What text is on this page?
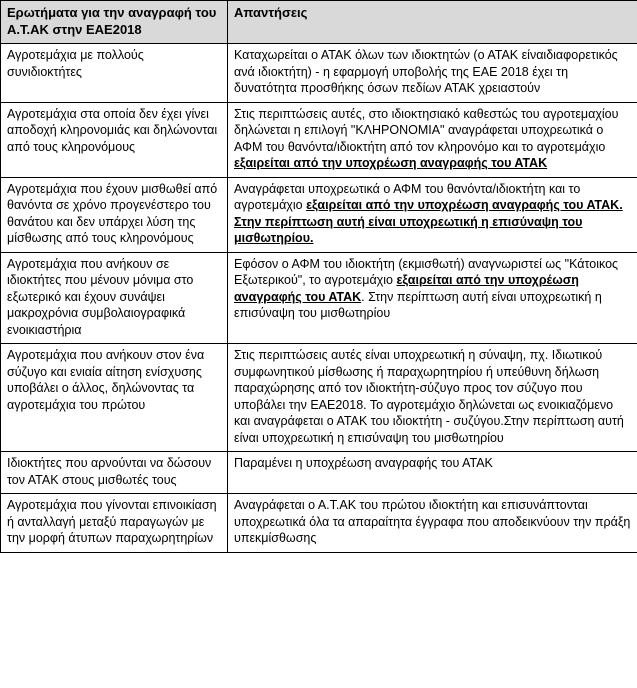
Ερωτήματα για την αναγραφή του Α.Τ.ΑΚ στην ΕΑΕ2018	Απαντήσεις
Αγροτεμάχια με πολλούς συνιδιοκτήτες	Καταχωρείται ο ΑΤΑΚ όλων των ιδιοκτητών (ο ΑΤΑΚ είναιδιαφορετικός ανά ιδιοκτήτη) - η εφαρμογή υποβολής της ΕΑΕ 2018 έχει τη δυνατότητα προσθήκης όσων πεδίων ΑΤΑΚ χρειαστούν
Αγροτεμάχια στα οποία δεν έχει γίνει αποδοχή κληρονομιάς και δηλώνονται από τους κληρονόμους	Στις περιπτώσεις αυτές, στο ιδιοκτησιακό καθεστώς του αγροτεμαχίου δηλώνεται η επιλογή "ΚΛΗΡΟΝΟΜΙΑ" αναγράφεται υποχρεωτικά ο ΑΦΜ του θανόντα/ιδιοκτήτη από τον κληρονόμο και το αγροτεμάχιο εξαιρείται από την υποχρέωση αναγραφής του ΑΤΑΚ
Αγροτεμάχια που έχουν μισθωθεί από θανόντα σε χρόνο προγενέστερο του θανάτου και δεν υπάρχει λύση της μίσθωσης από τους κληρονόμους	Αναγράφεται υποχρεωτικά ο ΑΦΜ του θανόντα/ιδιοκτήτη και το αγροτεμάχιο εξαιρείται από την υποχρέωση αναγραφής του ΑΤΑΚ. Στην περίπτωση αυτή είναι υποχρεωτική η επισύναψη του μισθωτηρίου.
Αγροτεμάχια που ανήκουν σε ιδιοκτήτες που μένουν μόνιμα στο εξωτερικό και έχουν συνάψει μακροχρόνια συμβολαιογραφικά ενοικιαστήρια	Εφόσον ο ΑΦΜ του ιδιοκτήτη (εκμισθωτή) αναγνωριστεί ως "Κάτοικος Εξωτερικού", το αγροτεμάχιο εξαιρείται από την υποχρέωση αναγραφής του ΑΤΑΚ. Στην περίπτωση αυτή είναι υποχρεωτική η επισύναψη του μισθωτηρίου
Αγροτεμάχια που ανήκουν στον ένα σύζυγο και ενιαία αίτηση ενίσχυσης υποβάλει ο άλλος, δηλώνοντας τα αγροτεμάχια του πρώτου	Στις περιπτώσεις αυτές είναι υποχρεωτική η σύναψη, πχ. Ιδιωτικού συμφωνητικού μίσθωσης ή παραχωρητηρίου ή υπεύθυνη δήλωση παραχώρησης από τον ιδιοκτήτη-σύζυγο προς τον σύζυγο που υποβάλει την ΕΑΕ2018. Το αγροτεμάχιο δηλώνεται ως ενοικιαζόμενο και αναγράφεται ο ΑΤΑΚ του ιδιοκτήτη - συζύγου.Στην περίπτωση αυτή είναι υποχρεωτική η επισύναψη του μισθωτηρίου
Ιδιοκτήτες που αρνούνται να δώσουν τον ΑΤΑΚ στους μισθωτές τους	Παραμένει η υποχρέωση αναγραφής του ΑΤΑΚ
Αγροτεμάχια που γίνονται επινοικίαση ή ανταλλαγή μεταξύ παραγωγών με την μορφή άτυπων παραχωρητηρίων	Αναγράφεται ο Α.Τ.ΑΚ του πρώτου ιδιοκτήτη και επισυνάπτονται υποχρεωτικά όλα τα απαραίτητα έγγραφα που αποδεικνύουν την πράξη υπεκμίσθωσης
